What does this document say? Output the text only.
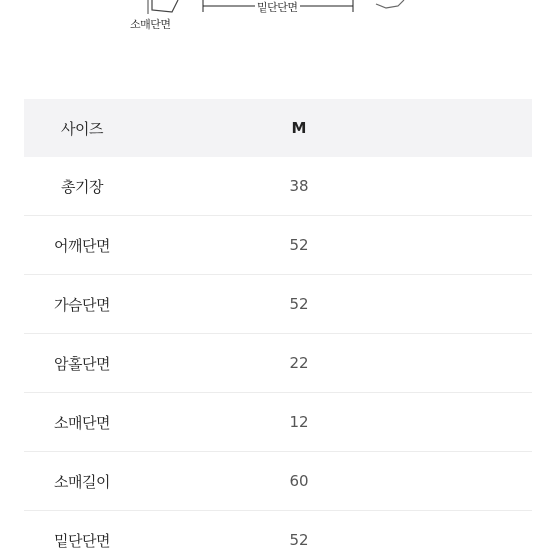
소매단면
밑단단면
사이즈	M
총기장	38
어깨단면	52
가슴단면	52
암홀단면	22
소매단면	12
소매길이	60
밑단단면	52
